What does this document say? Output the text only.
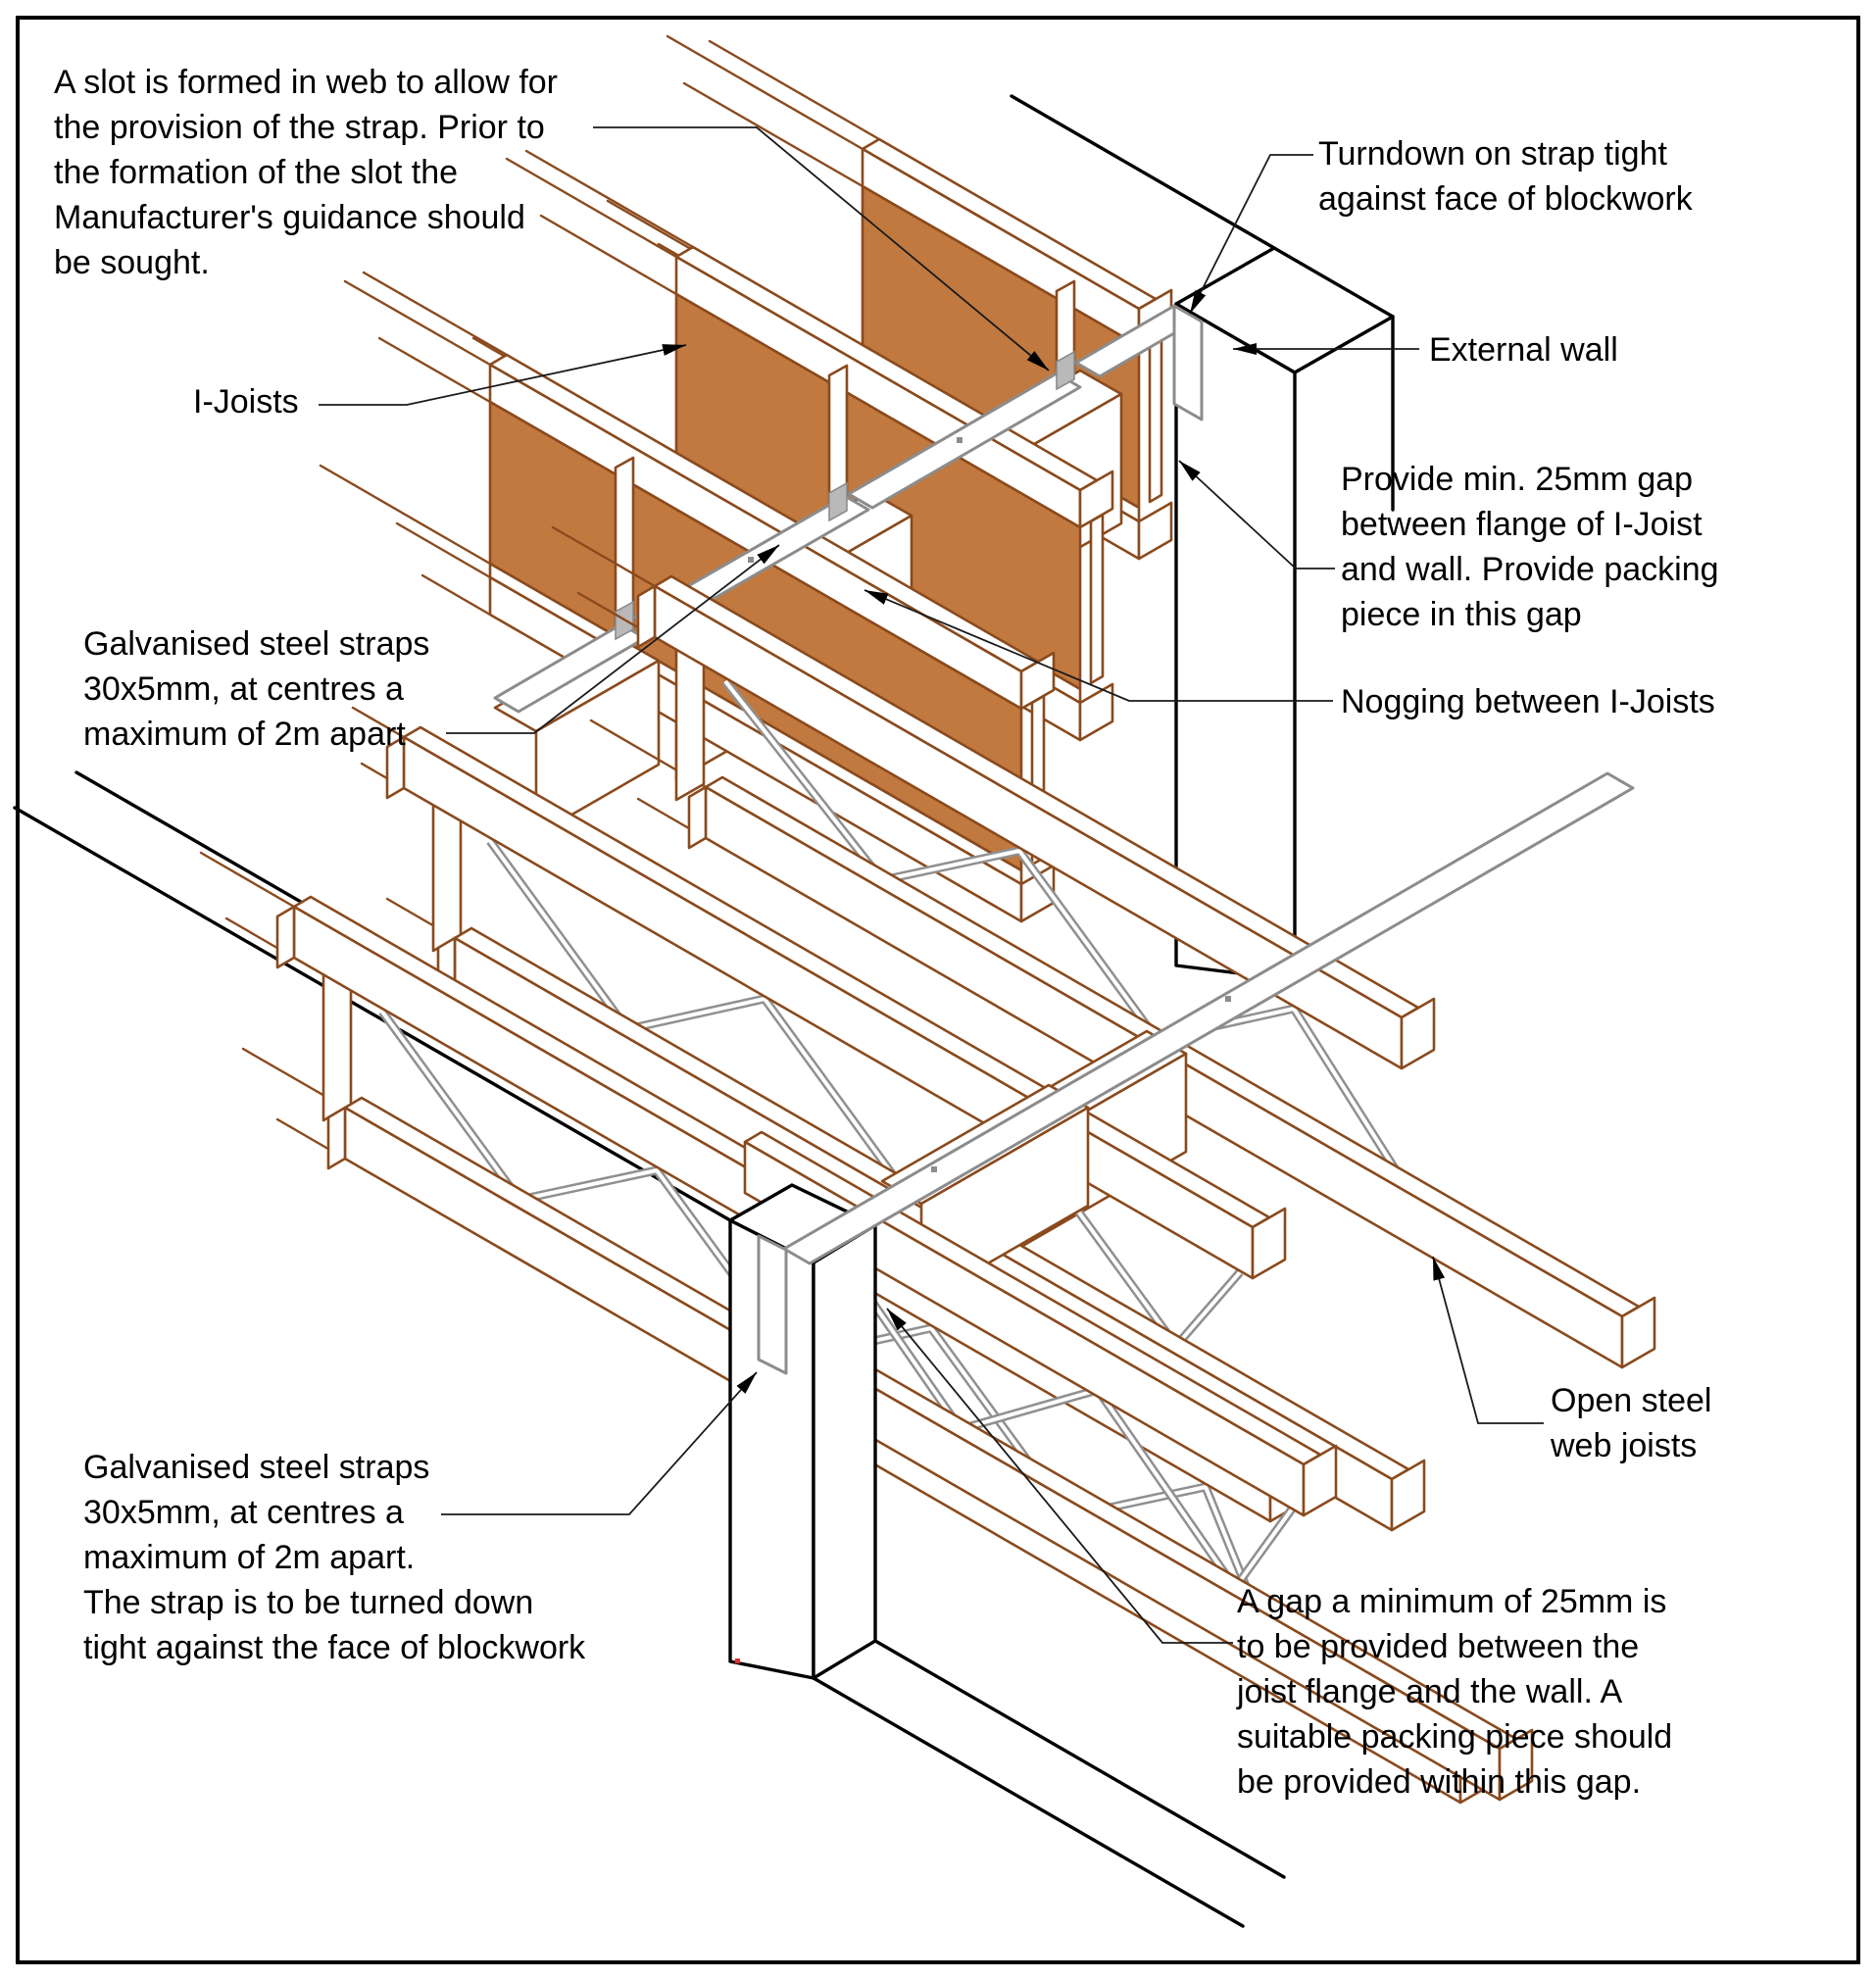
A slot is formed in web to allow for the provision of the strap. Prior to the formation of the slot the Manufacturer's guidance should be sought.
I-Joists
Turndown on strap tight against face of blockwork
External wall
Provide min. 25mm gap between flange of I-Joist and wall. Provide packing piece in this gap
Nogging between I-Joists
Galvanised steel straps 30x5mm, at centres a maximum of 2m apart
Galvanised steel straps 30x5mm, at centres a maximum of 2m apart. The strap is to be turned down tight against the face of blockwork
Open steel web joists
A gap a minimum of 25mm is to be provided between the joist flange and the wall. A suitable packing piece should be provided within this gap.
